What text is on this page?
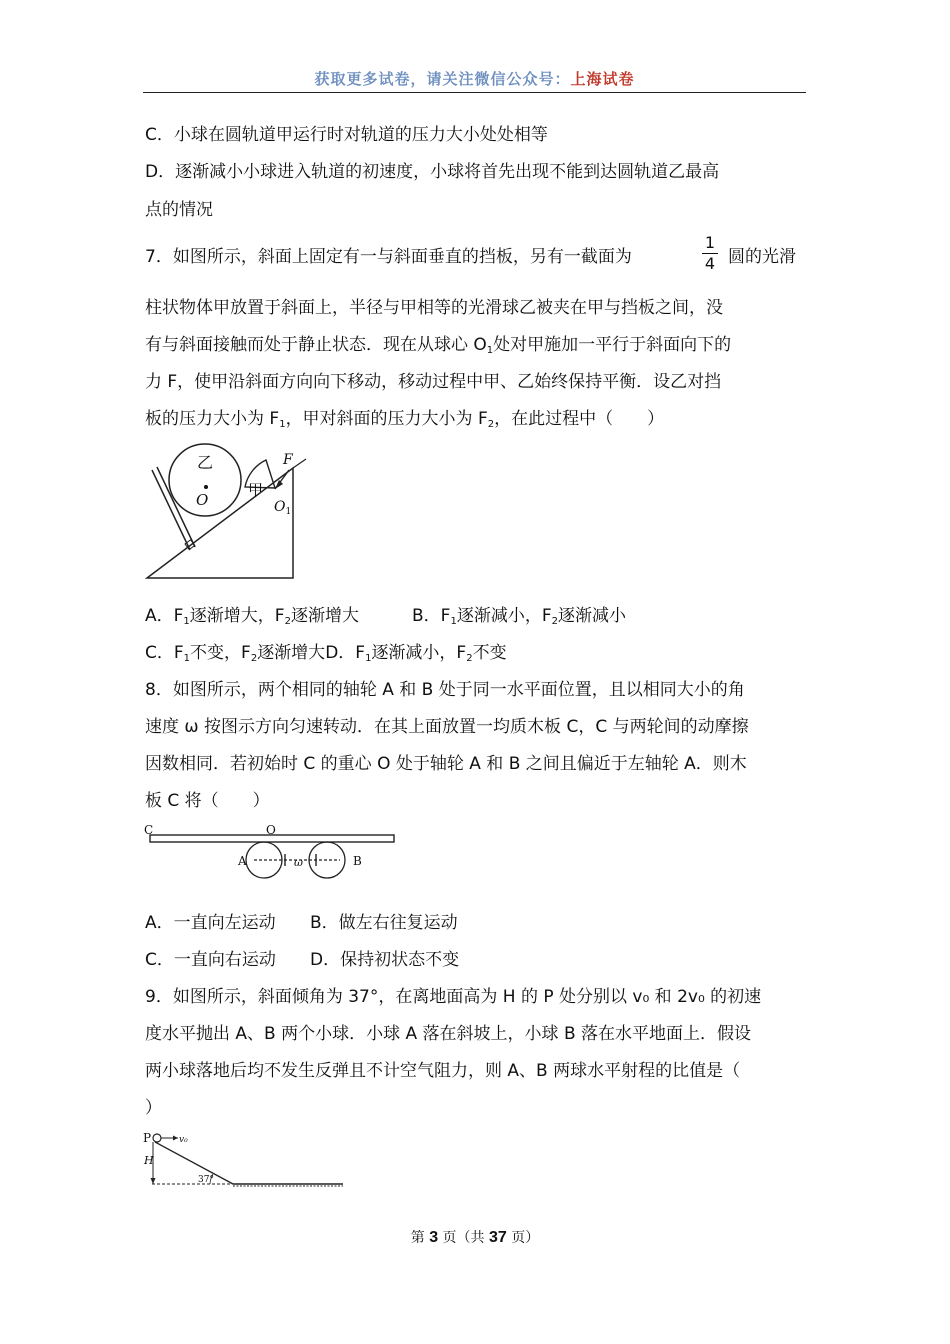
获取更多试卷，请关注微信公众号：上海试卷
C．小球在圆轨道甲运行时对轨道的压力大小处处相等
D．逐渐减小小球进入轨道的初速度，小球将首先出现不能到达圆轨道乙最高
点的情况
7．如图所示，斜面上固定有一与斜面垂直的挡板，另有一截面为
1
4 圆的光滑
柱状物体甲放置于斜面上，半径与甲相等的光滑球乙被夹在甲与挡板之间，没
有与斜面接触而处于静止状态．现在从球心 $O_1$处对甲施加一平行于斜面向下的
力 F，使甲沿斜面方向向下移动，移动过程中甲、乙始终保持平衡．设乙对挡
板的压力大小为 $F_1$，甲对斜面的压力大小为 $F_2$，在此过程中（　　）
乙
O
甲
F
$O_1$
A．$F_1$逐渐增大，$F_2$逐渐增大	B．$F_1$逐渐减小，$F_2$逐渐减小
C．$F_1$不变，$F_2$逐渐增大D．$F_1$逐渐减小，$F_2$不变
8．如图所示，两个相同的轴轮 A 和 B 处于同一水平面位置，且以相同大小的角
速度 ω 按图示方向匀速转动．在其上面放置一均质木板 C，C 与两轮间的动摩擦
因数相同．若初始时 C 的重心 O 处于轴轮 A 和 B 之间且偏近于左轴轮 A．则木
板 C 将（　　）
C	O
A	B
ω
A．一直向左运动 B．做左右往复运动
C．一直向右运动 D．保持初状态不变
9．如图所示，斜面倾角为 37°，在离地面高为 H 的 P 处分别以 v₀ 和 2v₀ 的初速
度水平抛出 A、B 两个小球．小球 A 落在斜坡上，小球 B 落在水平地面上．假设
两小球落地后均不发生反弹且不计空气阻力，则 A、B 两球水平射程的比值是（
）
P	v₀
H
37°
第 3 页（共 37 页）
